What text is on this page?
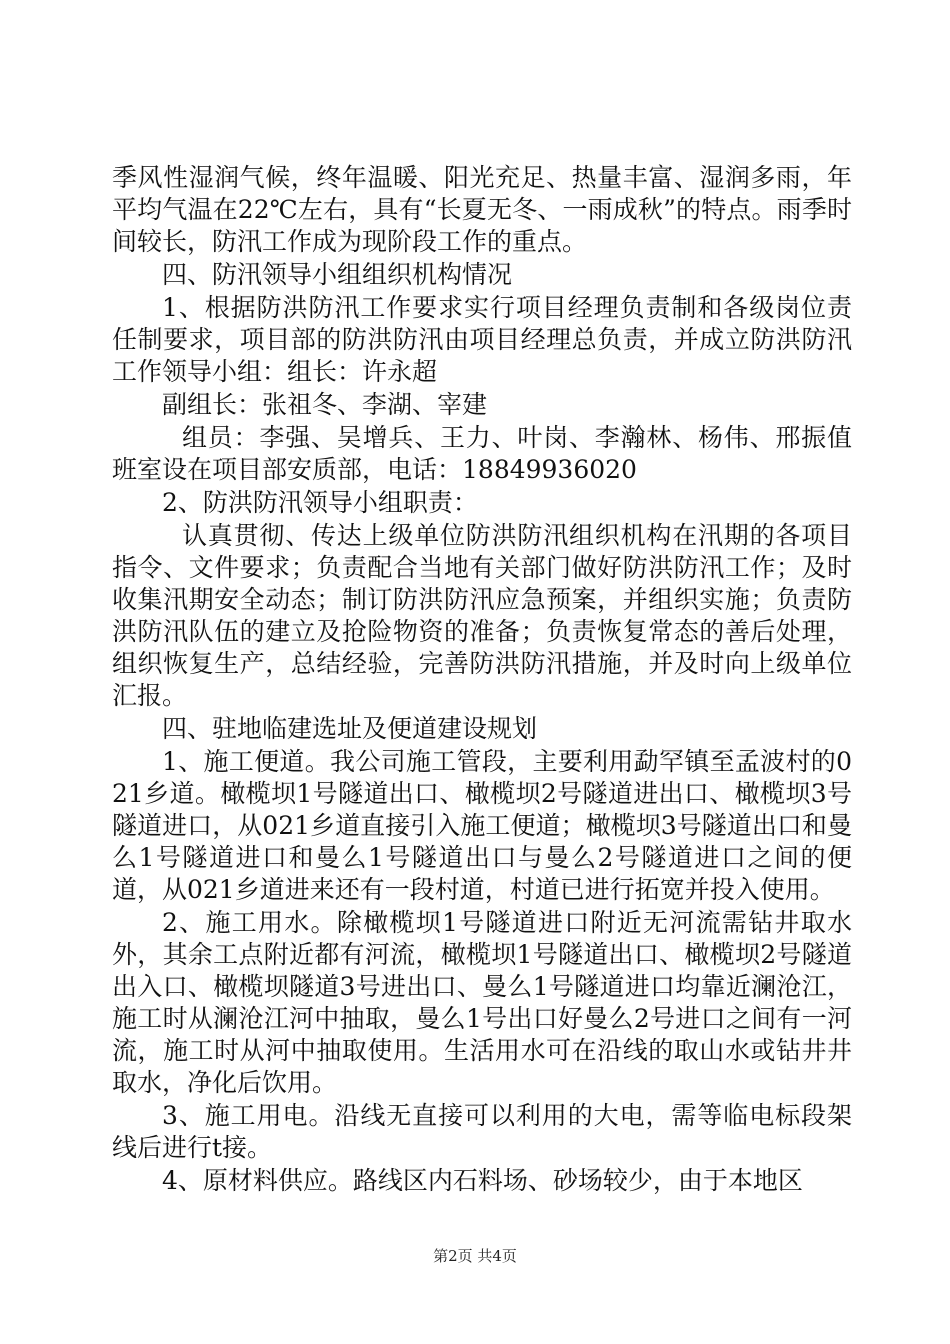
季风性湿润气候，终年温暖、阳光充足、热量丰富、湿润多雨，年平均气温在22℃左右，具有“长夏无冬、一雨成秋”的特点。雨季时间较长，防汛工作成为现阶段工作的重点。

四、防汛领导小组组织机构情况

1、根据防洪防汛工作要求实行项目经理负责制和各级岗位责任制要求，项目部的防洪防汛由项目经理总负责，并成立防洪防汛工作领导小组：组长：许永超

副组长：张祖冬、李湖、宰建

组员：李强、吴增兵、王力、叶岗、李瀚林、杨伟、邢振值班室设在项目部安质部，电话：18849936020

2、防洪防汛领导小组职责：

认真贯彻、传达上级单位防洪防汛组织机构在汛期的各项目指令、文件要求；负责配合当地有关部门做好防洪防汛工作；及时收集汛期安全动态；制订防洪防汛应急预案，并组织实施；负责防洪防汛队伍的建立及抢险物资的准备；负责恢复常态的善后处理，组织恢复生产，总结经验，完善防洪防汛措施，并及时向上级单位汇报。

四、驻地临建选址及便道建设规划

1、施工便道。我公司施工管段，主要利用勐罕镇至孟波村的021乡道。橄榄坝1号隧道出口、橄榄坝2号隧道进出口、橄榄坝3号隧道进口，从021乡道直接引入施工便道；橄榄坝3号隧道出口和曼么1号隧道进口和曼么1号隧道出口与曼么2号隧道进口之间的便道，从021乡道进来还有一段村道，村道已进行拓宽并投入使用。

2、施工用水。除橄榄坝1号隧道进口附近无河流需钻井取水外，其余工点附近都有河流，橄榄坝1号隧道出口、橄榄坝2号隧道出入口、橄榄坝隧道3号进出口、曼么1号隧道进口均靠近澜沧江，施工时从澜沧江河中抽取，曼么1号出口好曼么2号进口之间有一河流，施工时从河中抽取使用。生活用水可在沿线的取山水或钻井井取水，净化后饮用。

3、施工用电。沿线无直接可以利用的大电，需等临电标段架线后进行t接。

4、原材料供应。路线区内石料场、砂场较少，由于本地区

第2页 共4页
